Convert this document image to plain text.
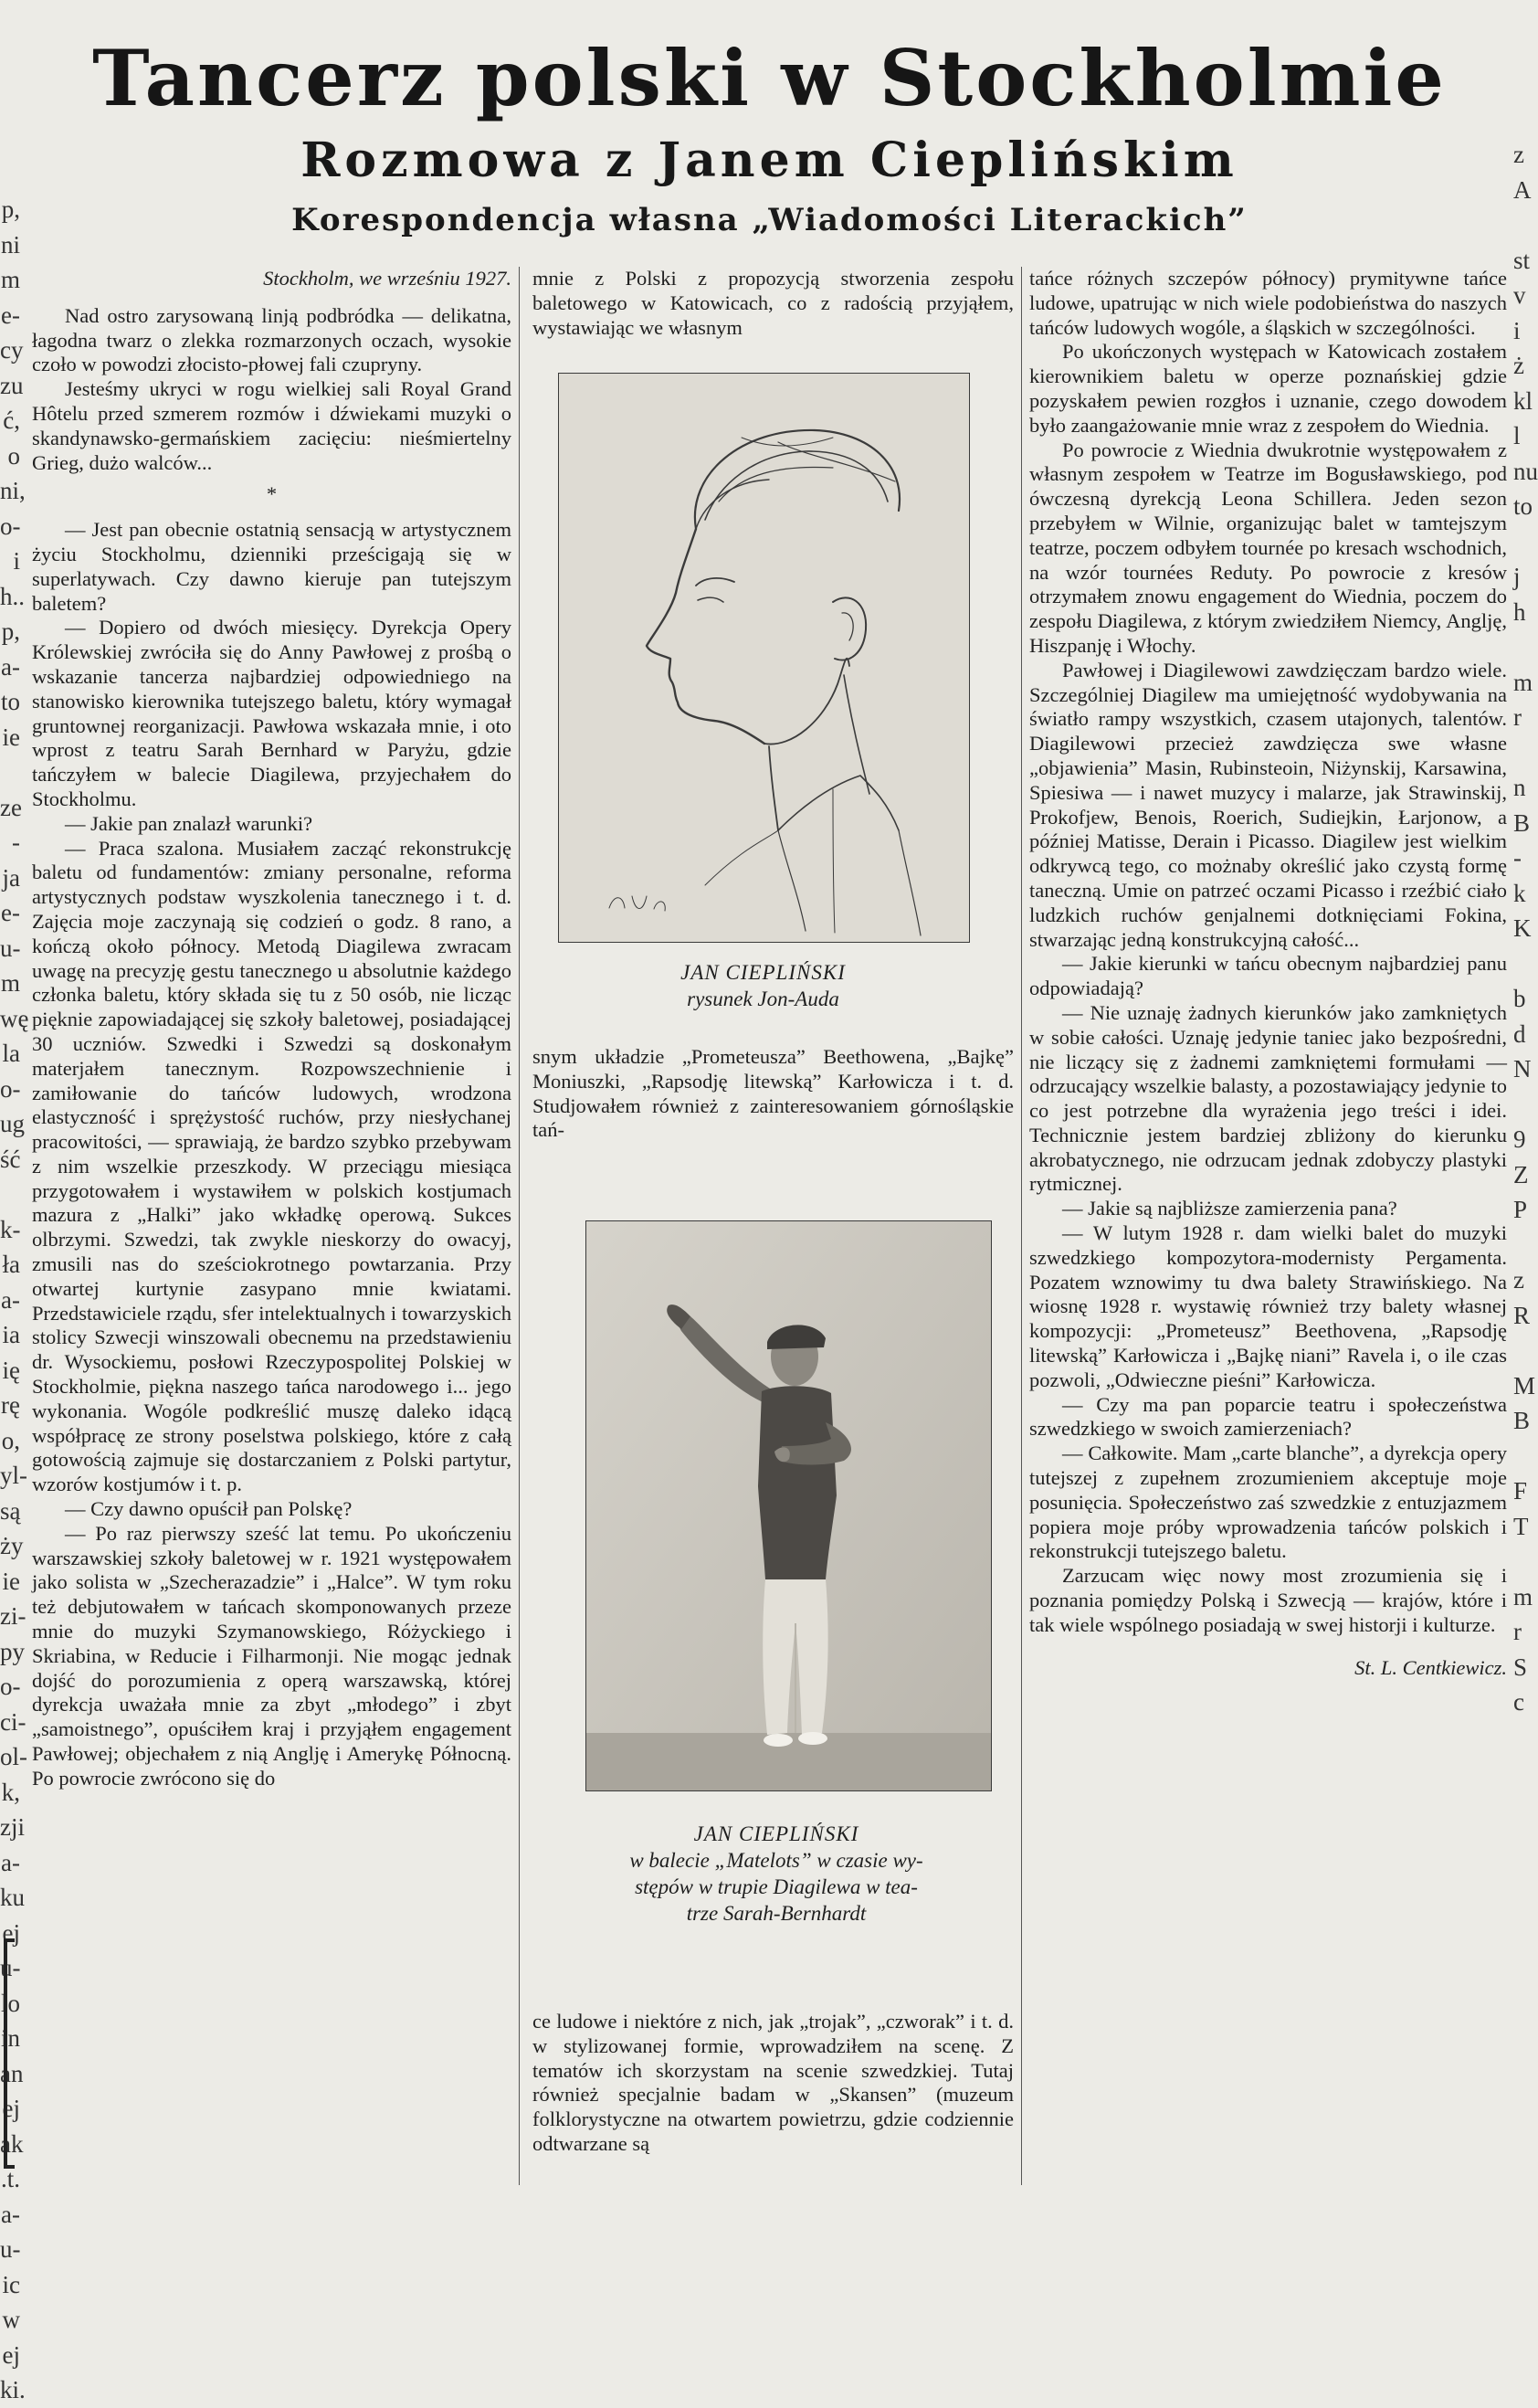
p,
ni
m
e-
cy
zu
ć,
o
ni,
o-
i
h..
p,
a-
to
ie

ze
-
ja
e-
u-
m
wę
la
o-
ug
ść

k-
ła
a-
ia
ię
rę
o,
yl-
są
ży
ie
zi-
py
o-
ci-
ol-
k,
zji
a-
ku
ej
u-
lo
in
an
ej
ak
.t.
a-
u-
ic
w
ej
ki.
z
A

st
v
i
ż
kl
l
nu
to

j
h

m
r

n
B
-
k
K

b
d
N

9
Z
P

z
R

M
B

F
T

m
r
S
c
Tancerz polski w Stockholmie
Rozmowa z Janem Cieplińskim
Korespondencja własna „Wiadomości Literackich”

Stockholm, we wrześniu 1927.

Nad ostro zarysowaną linją podbródka — delikatna, łagodna twarz o zlekka rozmarzonych oczach, wysokie czoło w powodzi złocisto-płowej fali czupryny.

Jesteśmy ukryci w rogu wielkiej sali Royal Grand Hôtelu przed szmerem rozmów i dźwiekami muzyki o skandynawsko-germańskiem zacięciu: nieśmiertelny Grieg, dużo walców...

*

— Jest pan obecnie ostatnią sensacją w artystycznem życiu Stockholmu, dzienniki prześcigają się w superlatywach. Czy dawno kieruje pan tutejszym baletem?

— Dopiero od dwóch miesięcy. Dyrekcja Opery Królewskiej zwróciła się do Anny Pawłowej z prośbą o wskazanie tancerza najbardziej odpowiedniego na stanowisko kierownika tutejszego baletu, który wymagał gruntownej reorganizacji. Pawłowa wskazała mnie, i oto wprost z teatru Sarah Bernhard w Paryżu, gdzie tańczyłem w balecie Diagilewa, przyjechałem do Stockholmu.

— Jakie pan znalazł warunki?

— Praca szalona. Musiałem zacząć rekonstrukcję baletu od fundamentów: zmiany personalne, reforma artystycznych podstaw wyszkolenia tanecznego i t. d. Zajęcia moje zaczynają się codzień o godz. 8 rano, a kończą około północy. Metodą Diagilewa zwracam uwagę na precyzję gestu tanecznego u absolutnie każdego członka baletu, który składa się tu z 50 osób, nie licząc pięknie zapowiadającej się szkoły baletowej, posiadającej 30 uczniów. Szwedki i Szwedzi są doskonałym materjałem tanecznym. Rozpowszechnienie i zamiłowanie do tańców ludowych, wrodzona elastyczność i sprężystość ruchów, przy niesłychanej pracowitości, — sprawiają, że bardzo szybko przebywam z nim wszelkie przeszkody. W przeciągu miesiąca przygotowałem i wystawiłem w polskich kostjumach mazura z „Halki” jako wkładkę operową. Sukces olbrzymi. Szwedzi, tak zwykle nieskorzy do owacyj, zmusili nas do sześciokrotnego powtarzania. Przy otwartej kurtynie zasypano mnie kwiatami. Przedstawiciele rządu, sfer intelektualnych i towarzyskich stolicy Szwecji winszowali obecnemu na przedstawieniu dr. Wysockiemu, posłowi Rzeczypospolitej Polskiej w Stockholmie, piękna naszego tańca narodowego i... jego wykonania. Wogóle podkreślić muszę daleko idącą współpracę ze strony poselstwa polskiego, które z całą gotowością zajmuje się dostarczaniem z Polski partytur, wzorów kostjumów i t. p.

— Czy dawno opuścił pan Polskę?

— Po raz pierwszy sześć lat temu. Po ukończeniu warszawskiej szkoły baletowej w r. 1921 występowałem jako solista w „Szecherazadzie” i „Halce”. W tym roku też debjutowałem w tańcach skomponowanych przeze mnie do muzyki Szymanowskiego, Różyckiego i Skriabina, w Reducie i Filharmonji. Nie mogąc jednak dojść do porozumienia z operą warszawską, której dyrekcja uważała mnie za zbyt „młodego” i zbyt „samoistnego”, opuściłem kraj i przyjąłem engagement Pawłowej; objechałem z nią Anglję i Amerykę Północną. Po powrocie zwrócono się do

mnie z Polski z propozycją stworzenia zespołu baletowego w Katowicach, co z radością przyjąłem, wystawiając we własnym

JAN CIEPLIŃSKI
rysunek Jon-Auda

snym układzie „Prometeusza” Beethowena, „Bajkę” Moniuszki, „Rapsodję litewską” Karłowicza i t. d. Studjowałem również z zainteresowaniem górnośląskie tań-

JAN CIEPLIŃSKI
w balecie „Matelots” w czasie wy-
stępów w trupie Diagilewa w tea-
trze Sarah-Bernhardt

ce ludowe i niektóre z nich, jak „trojak”, „czworak” i t. d. w stylizowanej formie, wprowadziłem na scenę. Z tematów ich skorzystam na scenie szwedzkiej. Tutaj również specjalnie badam w „Skansen” (muzeum folklorystyczne na otwartem powietrzu, gdzie codziennie odtwarzane są

tańce różnych szczepów północy) prymitywne tańce ludowe, upatrując w nich wiele podobieństwa do naszych tańców ludowych wogóle, a śląskich w szczególności.

Po ukończonych występach w Katowicach zostałem kierownikiem baletu w operze poznańskiej gdzie pozyskałem pewien rozgłos i uznanie, czego dowodem było zaangażowanie mnie wraz z zespołem do Wiednia.

Po powrocie z Wiednia dwukrotnie występowałem z własnym zespołem w Teatrze im Bogusławskiego, pod ówczesną dyrekcją Leona Schillera. Jeden sezon przebyłem w Wilnie, organizując balet w tamtejszym teatrze, poczem odbyłem tournée po kresach wschodnich, na wzór tournées Reduty. Po powrocie z kresów otrzymałem znowu engagement do Wiednia, poczem do zespołu Diagilewa, z którym zwiedziłem Niemcy, Anglję, Hiszpanję i Włochy.

Pawłowej i Diagilewowi zawdzięczam bardzo wiele. Szczególniej Diagilew ma umiejętność wydobywania na światło rampy wszystkich, czasem utajonych, talentów. Diagilewowi przecież zawdzięcza swe własne „objawienia” Masin, Rubinsteoin, Niżynskij, Karsawina, Spiesiwa — i nawet muzycy i malarze, jak Strawinskij, Prokofjew, Benois, Roerich, Sudiejkin, Łarjonow, a później Matisse, Derain i Picasso. Diagilew jest wielkim odkrywcą tego, co możnaby określić jako czystą formę taneczną. Umie on patrzeć oczami Picasso i rzeźbić ciało ludzkich ruchów genjalnemi dotknięciami Fokina, stwarzając jedną konstrukcyjną całość...

— Jakie kierunki w tańcu obecnym najbardziej panu odpowiadają?

— Nie uznaję żadnych kierunków jako zamkniętych w sobie całości. Uznaję jedynie taniec jako bezpośredni, nie liczący się z żadnemi zamkniętemi formułami — odrzucający wszelkie balasty, a pozostawiający jedynie to co jest potrzebne dla wyrażenia jego treści i idei. Technicznie jestem bardziej zbliżony do kierunku akrobatycznego, nie odrzucam jednak zdobyczy plastyki rytmicznej.

— Jakie są najbliższe zamierzenia pana?

— W lutym 1928 r. dam wielki balet do muzyki szwedzkiego kompozytora-modernisty Pergamenta. Pozatem wznowimy tu dwa balety Strawińskiego. Na wiosnę 1928 r. wystawię również trzy balety własnej kompozycji: „Prometeusz” Beethovena, „Rapsodję litewską” Karłowicza i „Bajkę niani” Ravela i, o ile czas pozwoli, „Odwieczne pieśni” Karłowicza.

— Czy ma pan poparcie teatru i społeczeństwa szwedzkiego w swoich zamierzeniach?

— Całkowite. Mam „carte blanche”, a dyrekcja opery tutejszej z zupełnem zrozumieniem akceptuje moje posunięcia. Społeczeństwo zaś szwedzkie z entuzjazmem popiera moje próby wprowadzenia tańców polskich i rekonstrukcji tutejszego baletu.

Zarzucam więc nowy most zrozumienia się i poznania pomiędzy Polską i Szwecją — krajów, które i tak wiele wspólnego posiadają w swej historji i kulturze.

St. L. Centkiewicz.
